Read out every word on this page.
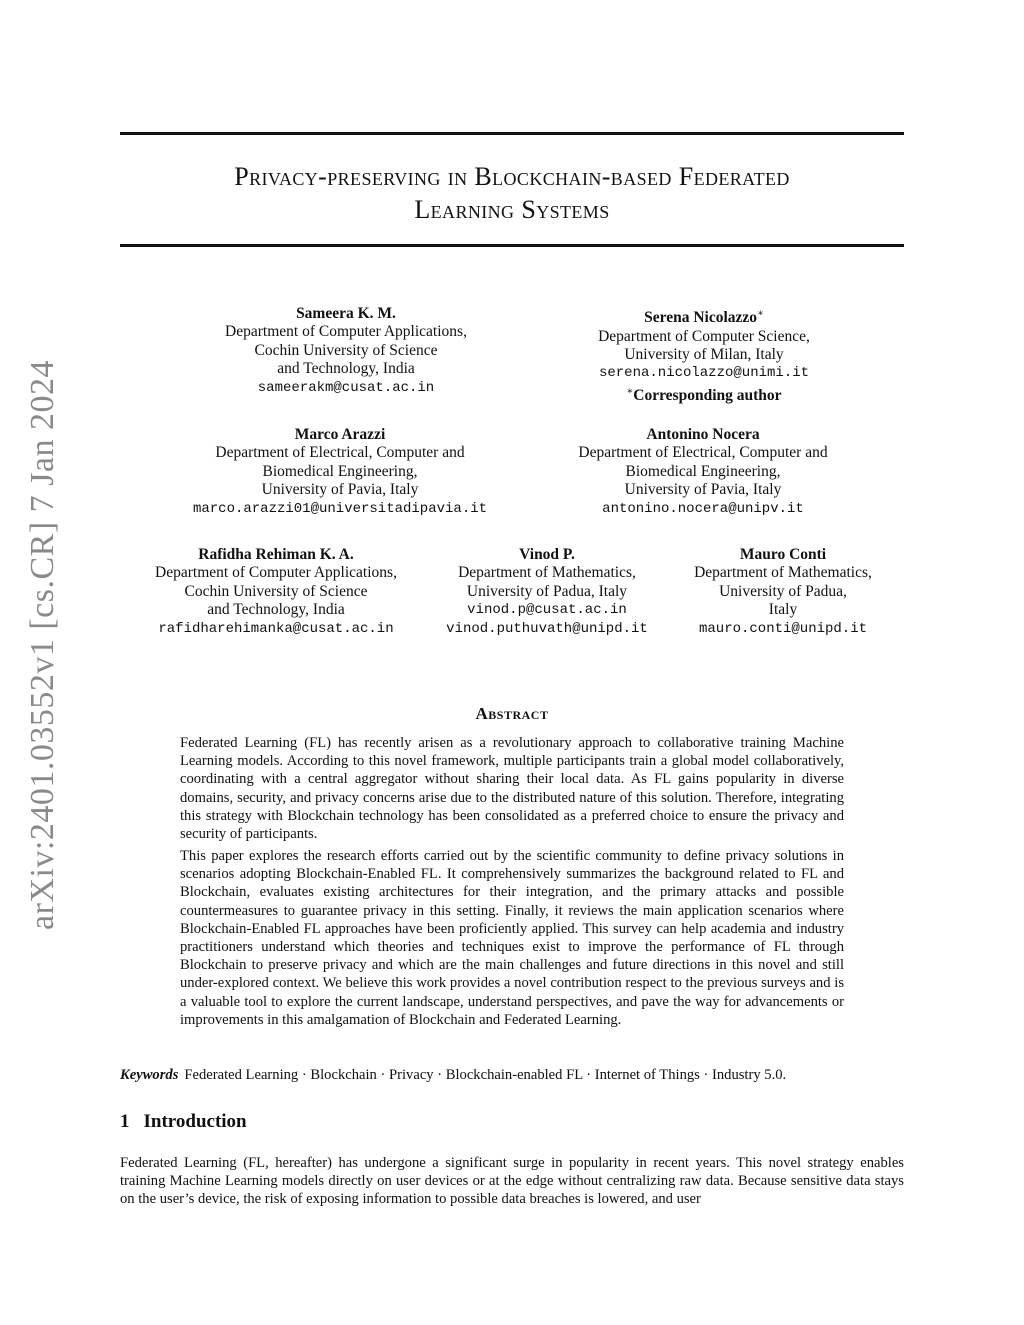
arXiv:2401.03552v1 [cs.CR] 7 Jan 2024
Privacy-preserving in Blockchain-based Federated
Learning Systems
Sameera K. M.
Department of Computer Applications,
Cochin University of Science
and Technology, India
sameerakm@cusat.ac.in
Serena Nicolazzo∗
Department of Computer Science,
University of Milan, Italy
serena.nicolazzo@unimi.it
∗Corresponding author
Marco Arazzi
Department of Electrical, Computer and
Biomedical Engineering,
University of Pavia, Italy
marco.arazzi01@universitadipavia.it
Antonino Nocera
Department of Electrical, Computer and
Biomedical Engineering,
University of Pavia, Italy
antonino.nocera@unipv.it
Rafidha Rehiman K. A.
Department of Computer Applications,
Cochin University of Science
and Technology, India
rafidharehimanka@cusat.ac.in
Vinod P.
Department of Mathematics,
University of Padua, Italy
vinod.p@cusat.ac.in
vinod.puthuvath@unipd.it
Mauro Conti
Department of Mathematics,
University of Padua,
Italy
mauro.conti@unipd.it
Abstract

Federated Learning (FL) has recently arisen as a revolutionary approach to collaborative training Machine Learning models. According to this novel framework, multiple participants train a global model collaboratively, coordinating with a central aggregator without sharing their local data. As FL gains popularity in diverse domains, security, and privacy concerns arise due to the distributed nature of this solution. Therefore, integrating this strategy with Blockchain technology has been consolidated as a preferred choice to ensure the privacy and security of participants.

This paper explores the research efforts carried out by the scientific community to define privacy solutions in scenarios adopting Blockchain-Enabled FL. It comprehensively summarizes the background related to FL and Blockchain, evaluates existing architectures for their integration, and the primary attacks and possible countermeasures to guarantee privacy in this setting. Finally, it reviews the main application scenarios where Blockchain-Enabled FL approaches have been proficiently applied. This survey can help academia and industry practitioners understand which theories and techniques exist to improve the performance of FL through Blockchain to preserve privacy and which are the main challenges and future directions in this novel and still under-explored context. We believe this work provides a novel contribution respect to the previous surveys and is a valuable tool to explore the current landscape, understand perspectives, and pave the way for advancements or improvements in this amalgamation of Blockchain and Federated Learning.

Keywords Federated Learning · Blockchain · Privacy · Blockchain-enabled FL · Internet of Things · Industry 5.0.
1 Introduction

Federated Learning (FL, hereafter) has undergone a significant surge in popularity in recent years. This novel strategy enables training Machine Learning models directly on user devices or at the edge without centralizing raw data. Because sensitive data stays on the user’s device, the risk of exposing information to possible data breaches is lowered, and user
